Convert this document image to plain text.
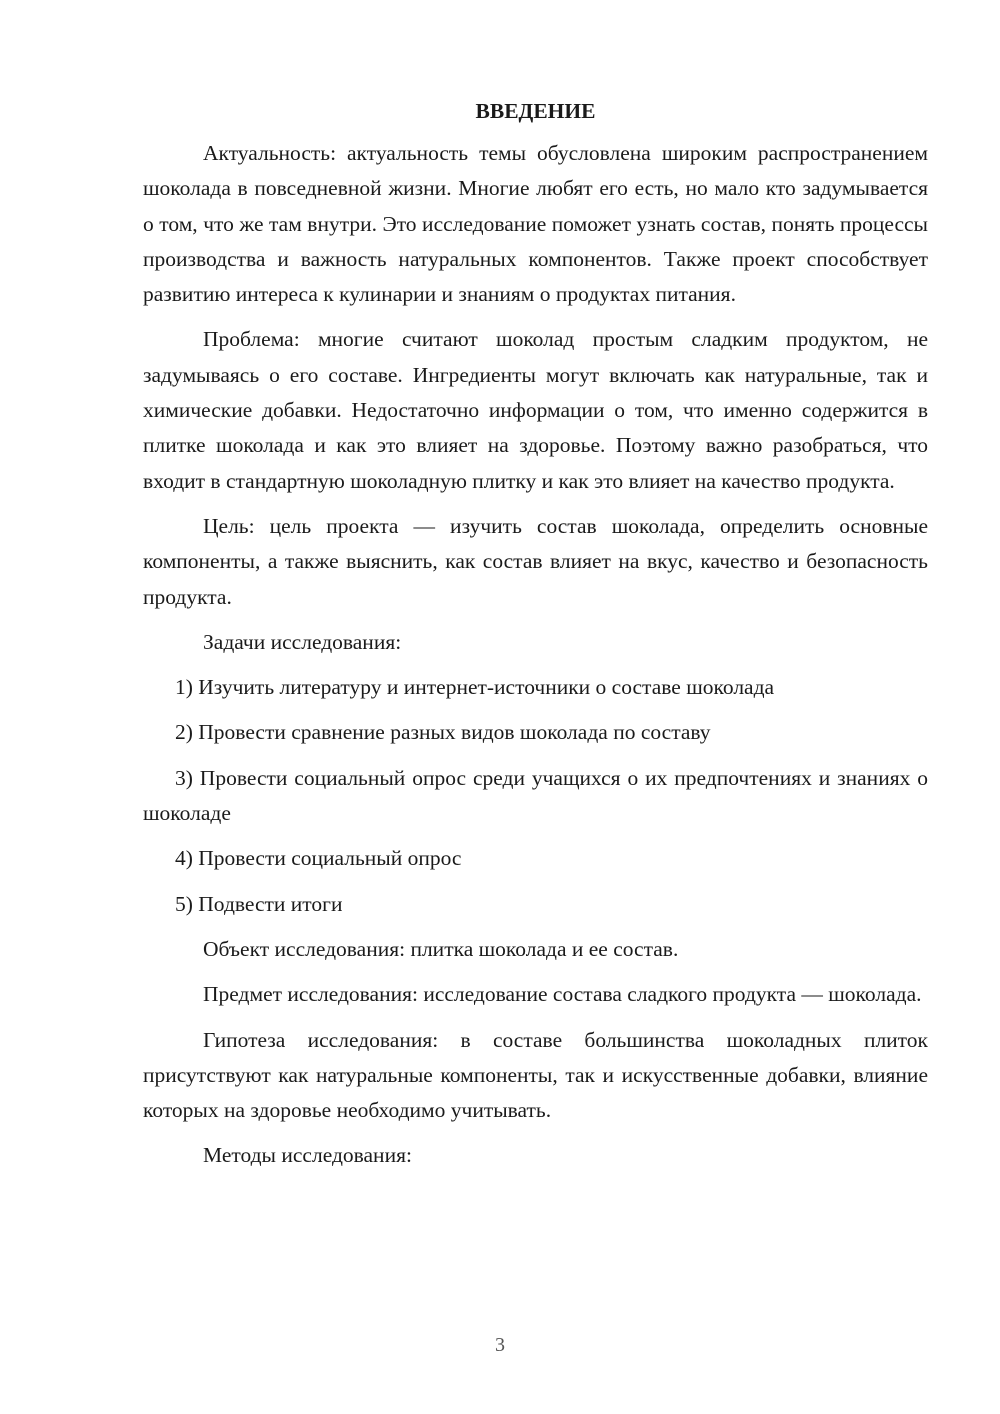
ВВЕДЕНИЕ

Актуальность: актуальность темы обусловлена широким распространением шоколада в повседневной жизни. Многие любят его есть, но мало кто задумывается о том, что же там внутри. Это исследование поможет узнать состав, понять процессы производства и важность натуральных компонентов. Также проект способствует развитию интереса к кулинарии и знаниям о продуктах питания.

Проблема: многие считают шоколад простым сладким продуктом, не задумываясь о его составе. Ингредиенты могут включать как натуральные, так и химические добавки. Недостаточно информации о том, что именно содержится в плитке шоколада и как это влияет на здоровье. Поэтому важно разобраться, что входит в стандартную шоколадную плитку и как это влияет на качество продукта.

Цель: цель проекта — изучить состав шоколада, определить основные компоненты, а также выяснить, как состав влияет на вкус, качество и безопасность продукта.

Задачи исследования:

1) Изучить литературу и интернет-источники о составе шоколада

2) Провести сравнение разных видов шоколада по составу

3) Провести социальный опрос среди учащихся о их предпочтениях и знаниях о шоколаде

4) Провести социальный опрос

5) Подвести итоги

Объект исследования: плитка шоколада и ее состав.

Предмет исследования: исследование состава сладкого продукта — шоколада.

Гипотеза исследования: в составе большинства шоколадных плиток присутствуют как натуральные компоненты, так и искусственные добавки, влияние которых на здоровье необходимо учитывать.

Методы исследования:

3
